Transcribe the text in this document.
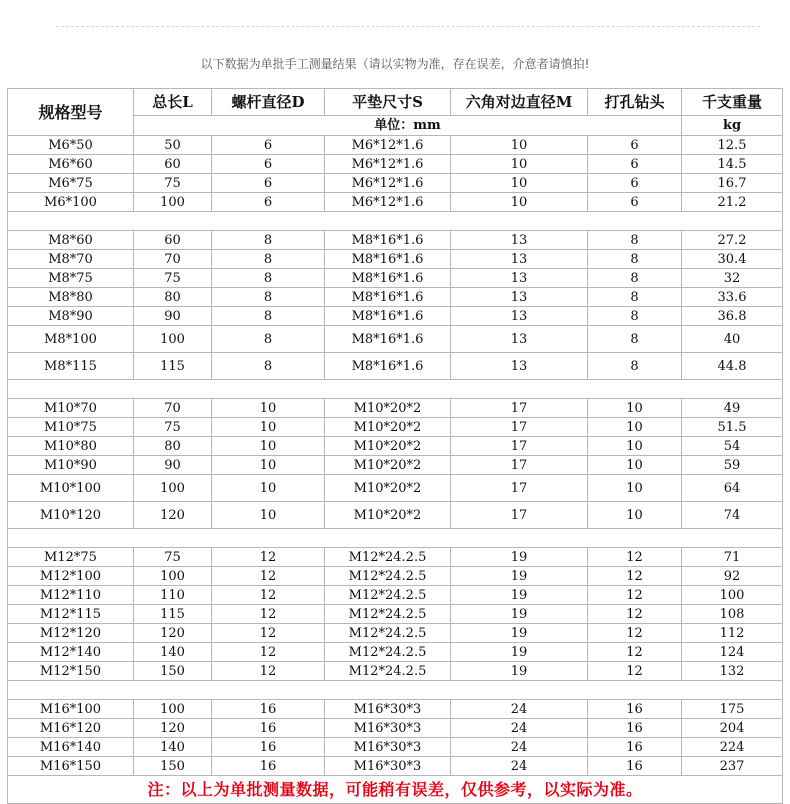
以下数据为单批手工测量结果（请以实物为准，存在误差，介意者请慎拍!
规格型号	总长L	螺杆直径D	平垫尺寸S	六角对边直径M	打孔钻头	千支重量
	单位：mm					kg
M6*50	50	6	M6*12*1.6	10	6	12.5
M6*60	60	6	M6*12*1.6	10	6	14.5
M6*75	75	6	M6*12*1.6	10	6	16.7
M6*100	100	6	M6*12*1.6	10	6	21.2

M8*60	60	8	M8*16*1.6	13	8	27.2
M8*70	70	8	M8*16*1.6	13	8	30.4
M8*75	75	8	M8*16*1.6	13	8	32
M8*80	80	8	M8*16*1.6	13	8	33.6
M8*90	90	8	M8*16*1.6	13	8	36.8
M8*100	100	8	M8*16*1.6	13	8	40
M8*115	115	8	M8*16*1.6	13	8	44.8

M10*70	70	10	M10*20*2	17	10	49
M10*75	75	10	M10*20*2	17	10	51.5
M10*80	80	10	M10*20*2	17	10	54
M10*90	90	10	M10*20*2	17	10	59
M10*100	100	10	M10*20*2	17	10	64
M10*120	120	10	M10*20*2	17	10	74

M12*75	75	12	M12*24.2.5	19	12	71
M12*100	100	12	M12*24.2.5	19	12	92
M12*110	110	12	M12*24.2.5	19	12	100
M12*115	115	12	M12*24.2.5	19	12	108
M12*120	120	12	M12*24.2.5	19	12	112
M12*140	140	12	M12*24.2.5	19	12	124
M12*150	150	12	M12*24.2.5	19	12	132

M16*100	100	16	M16*30*3	24	16	175
M16*120	120	16	M16*30*3	24	16	204
M16*140	140	16	M16*30*3	24	16	224
M16*150	150	16	M16*30*3	24	16	237
注：以上为单批测量数据，可能稍有误差，仅供参考，以实际为准。						
